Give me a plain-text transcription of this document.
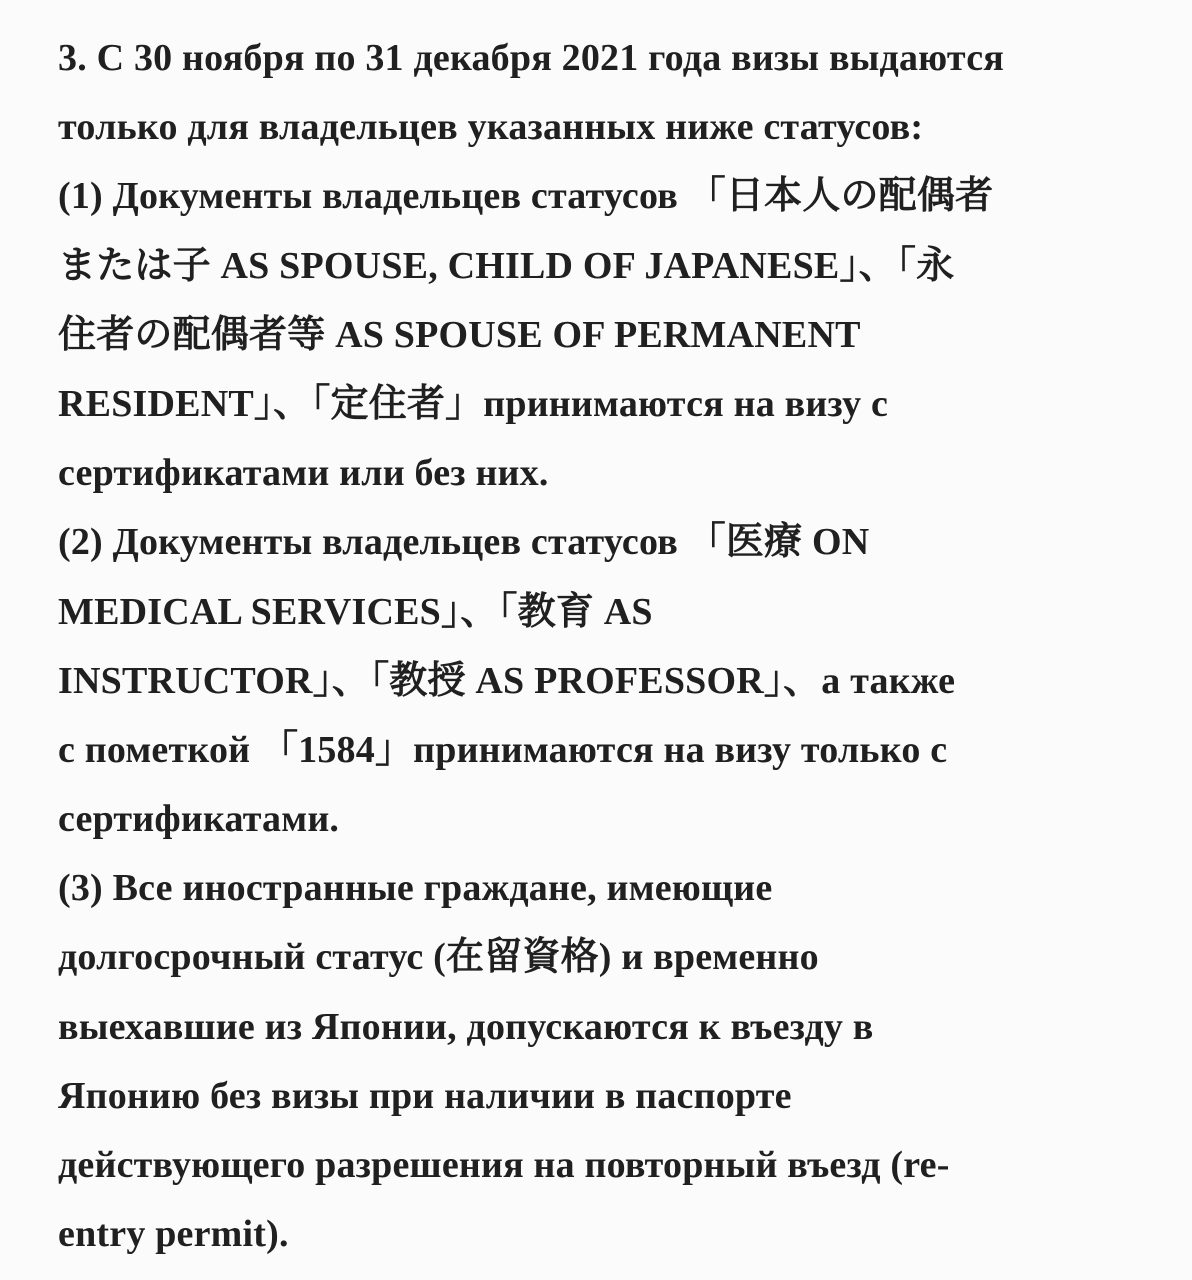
3. С 30 ноября по 31 декабря 2021 года визы выдаются
только для владельцев указанных ниже статусов:
(1) Документы владельцев статусов 「日本人の配偶者
または子 AS SPOUSE, CHILD OF JAPANESE」、「永
住者の配偶者等 AS SPOUSE OF PERMANENT
RESIDENT」、「定住者」принимаются на визу с
сертификатами или без них.
(2) Документы владельцев статусов 「医療 ON
MEDICAL SERVICES」、「教育 AS
INSTRUCTOR」、「教授 AS PROFESSOR」、а также
с пометкой 「1584」принимаются на визу только с
сертификатами.
(3) Все иностранные граждане, имеющие
долгосрочный статус (在留資格) и временно
выехавшие из Японии, допускаются к въезду в
Японию без визы при наличии в паспорте
действующего разрешения на повторный въезд (re-
entry permit).
